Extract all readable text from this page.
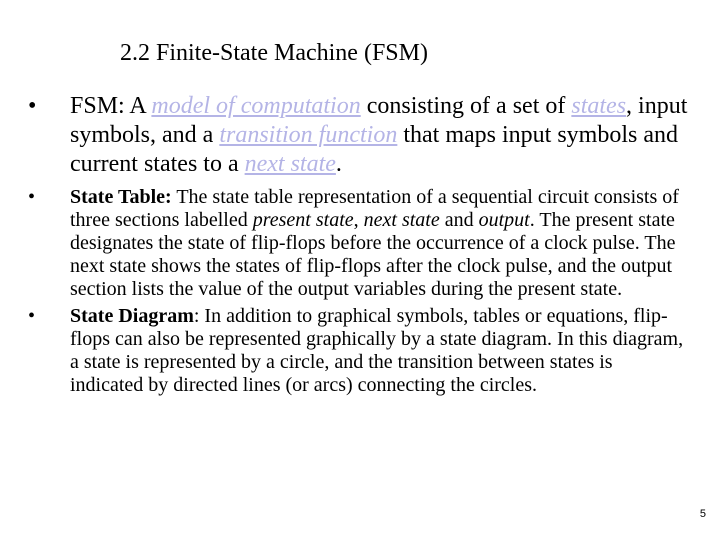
2.2 Finite-State Machine (FSM)
• FSM: A model of computation consisting of a set of states, input symbols, and a transition function that maps input symbols and current states to a next state.
• State Table: The state table representation of a sequential circuit consists of three sections labelled present state, next state and output. The present state designates the state of flip-flops before the occurrence of a clock pulse. The next state shows the states of flip-flops after the clock pulse, and the output section lists the value of the output variables during the present state.
• State Diagram: In addition to graphical symbols, tables or equations, flip-flops can also be represented graphically by a state diagram. In this diagram, a state is represented by a circle, and the transition between states is indicated by directed lines (or arcs) connecting the circles.
5
